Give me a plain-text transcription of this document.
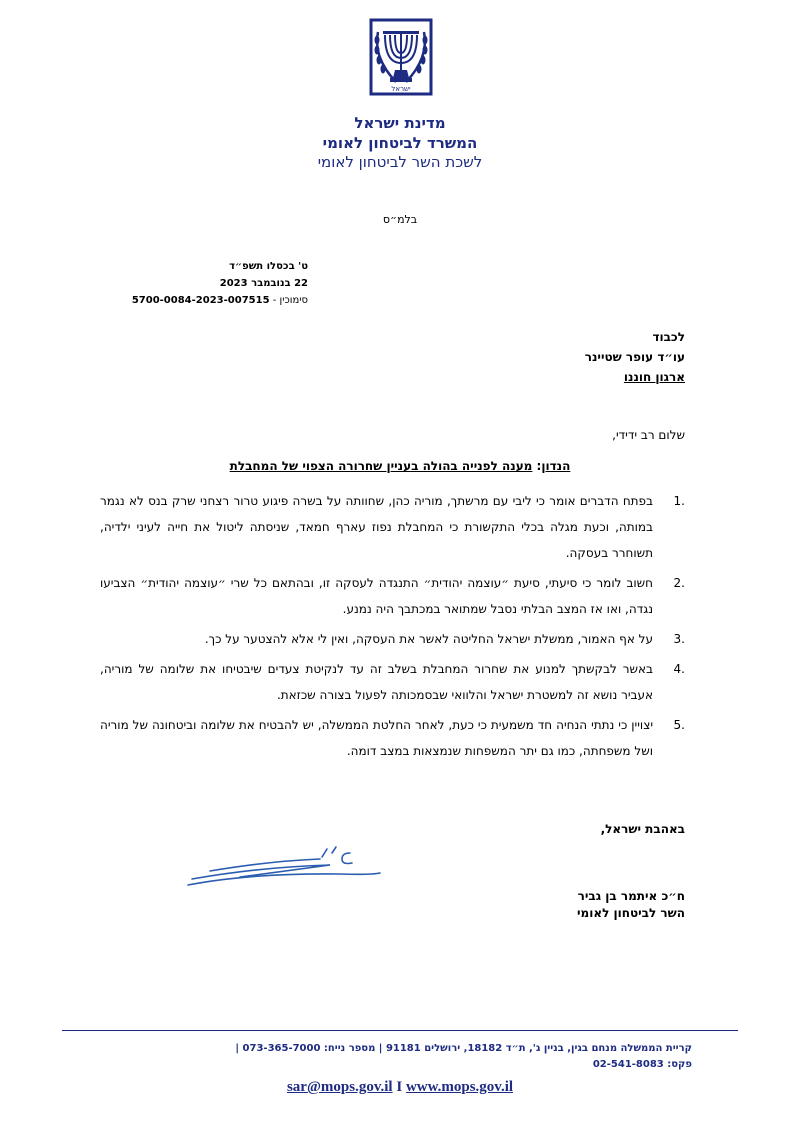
ישראל
מדינת ישראל
המשרד לביטחון לאומי
לשכת השר לביטחון לאומי
בלמ״ס
ט' בכסלו תשפ״ד
22 בנובמבר 2023
סימוכין - 5700-0084-2023-007515
לכבוד
עו״ד עופר שטיינר
ארגון חוננו
שלום רב ידידי,
הנדון: מענה לפנייה בהולה בעניין שחרורה הצפוי של המחבלת
1.
בפתח הדברים אומר כי ליבי עם מרשתך, מוריה כהן, שחוותה על בשרה פיגוע טרור רצחני שרק בנס לא נגמר במותה, וכעת מגלה בכלי התקשורת כי המחבלת נפוז עארף חמאד, שניסתה ליטול את חייה לעיני ילדיה, תשוחרר בעסקה.
2.
חשוב לומר כי סיעתי, סיעת ״עוצמה יהודית״ התנגדה לעסקה זו, ובהתאם כל שרי ״עוצמה יהודית״ הצביעו נגדה, ואו אז המצב הבלתי נסבל שמתואר במכתבך היה נמנע.
3.
על אף האמור, ממשלת ישראל החליטה לאשר את העסקה, ואין לי אלא להצטער על כך.
4.
באשר לבקשתך למנוע את שחרור המחבלת בשלב זה עד לנקיטת צעדים שיבטיחו את שלומה של מוריה, אעביר נושא זה למשטרת ישראל והלוואי שבסמכותה לפעול בצורה שכזאת.
5.
יצויין כי נתתי הנחיה חד משמעית כי כעת, לאחר החלטת הממשלה, יש להבטיח את שלומה וביטחונה של מוריה ושל משפחתה, כמו גם יתר המשפחות שנמצאות במצב דומה.
באהבת ישראל,
ח״כ איתמר בן גביר
השר לביטחון לאומי
קריית הממשלה מנחם בגין, בניין ג', ת״ד 18182, ירושלים 91181 | מספר נייח: 073-365-7000 |
פקס: 02-541-8083
sar@mops.gov.il I www.mops.gov.il
